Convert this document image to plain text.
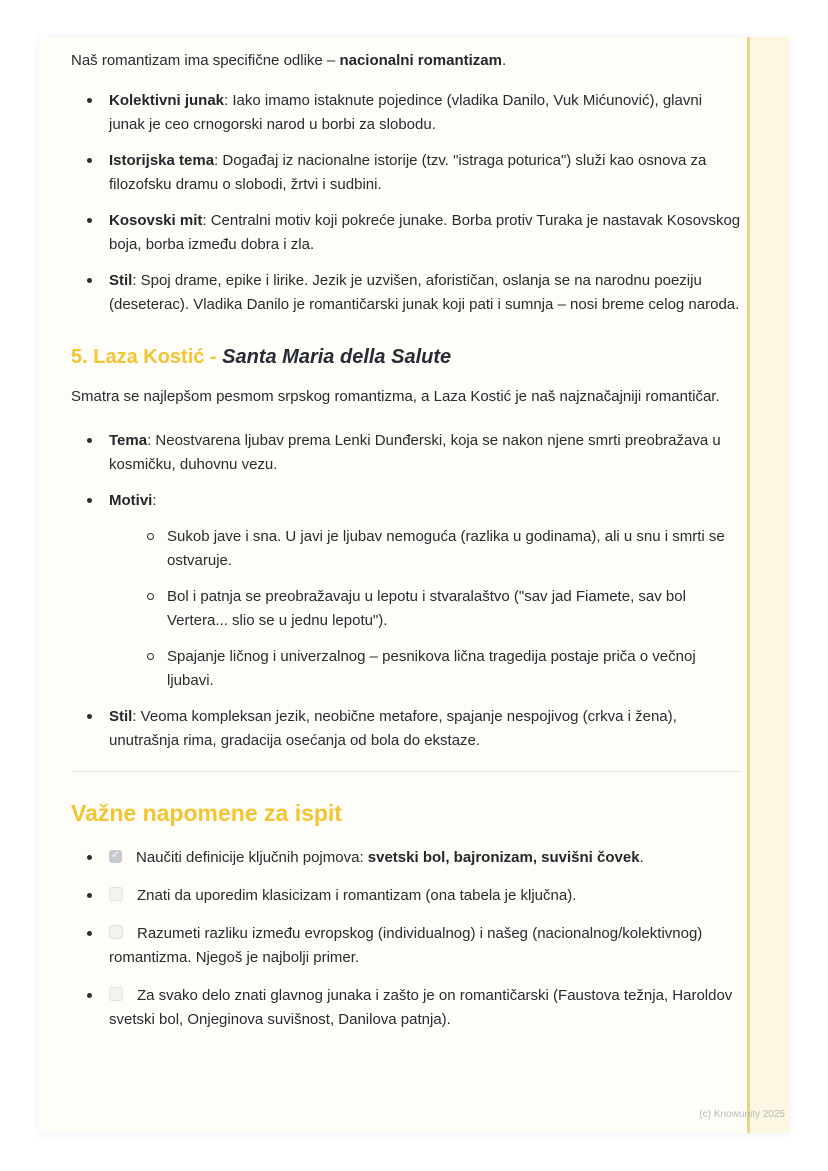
Naš romantizam ima specifične odlike – nacionalni romantizam.

Kolektivni junak: Iako imamo istaknute pojedince (vladika Danilo, Vuk Mićunović), glavni junak je ceo crnogorski narod u borbi za slobodu.
Istorijska tema: Događaj iz nacionalne istorije (tzv. "istraga poturica") služi kao osnova za filozofsku dramu o slobodi, žrtvi i sudbini.
Kosovski mit: Centralni motiv koji pokreće junake. Borba protiv Turaka je nastavak Kosovskog boja, borba između dobra i zla.
Stil: Spoj drame, epike i lirike. Jezik je uzvišen, aforističan, oslanja se na narodnu poeziju (deseterac). Vladika Danilo je romantičarski junak koji pati i sumnja – nosi breme celog naroda.
5. Laza Kostić - Santa Maria della Salute

Smatra se najlepšom pesmom srpskog romantizma, a Laza Kostić je naš najznačajniji romantičar.

Tema: Neostvarena ljubav prema Lenki Dunđerski, koja se nakon njene smrti preobražava u kosmičku, duhovnu vezu.
Motivi:
Sukob jave i sna. U javi je ljubav nemoguća (razlika u godinama), ali u snu i smrti se ostvaruje.
Bol i patnja se preobražavaju u lepotu i stvaralaštvo ("sav jad Fiamete, sav bol Vertera... slio se u jednu lepotu").
Spajanje ličnog i univerzalnog – pesnikova lična tragedija postaje priča o večnoj ljubavi.
Stil: Veoma kompleksan jezik, neobične metafore, spajanje nespojivog (crkva i žena), unutrašnja rima, gradacija osećanja od bola do ekstaze.
Važne napomene za ispit
✓Naučiti definicije ključnih pojmova: svetski bol, bajronizam, suvišni čovek.
Znati da uporedim klasicizam i romantizam (ona tabela je ključna).
Razumeti razliku između evropskog (individualnog) i našeg (nacionalnog/kolektivnog) romantizma. Njegoš je najbolji primer.
Za svako delo znati glavnog junaka i zašto je on romantičarski (Faustova težnja, Haroldov svetski bol, Onjeginova suvišnost, Danilova patnja).
(c) Knowunity 2025
